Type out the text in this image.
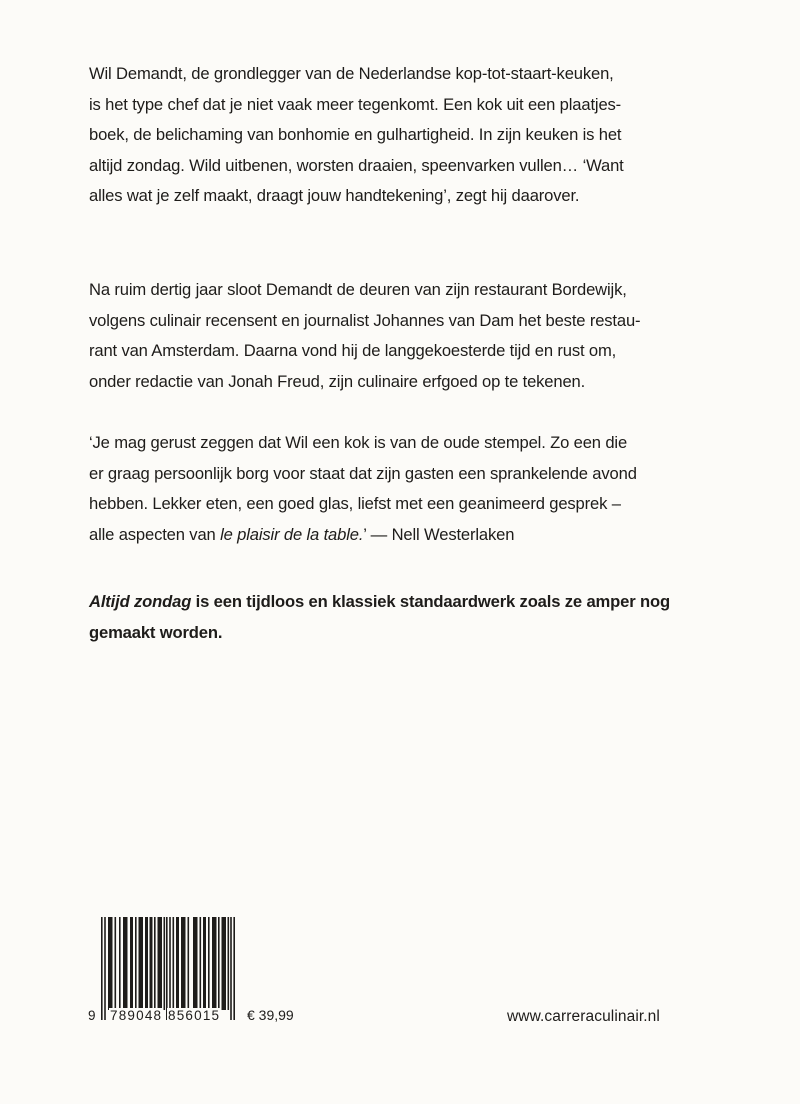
Wil Demandt, de grondlegger van de Nederlandse kop-tot-staart-keuken,
is het type chef dat je niet vaak meer tegenkomt. Een kok uit een plaatjes-
boek, de belichaming van bonhomie en gulhartigheid. In zijn keuken is het
altijd zondag. Wild uitbenen, worsten draaien, speenvarken vullen… ‘Want
alles wat je zelf maakt, draagt jouw handtekening’, zegt hij daarover.

Na ruim dertig jaar sloot Demandt de deuren van zijn restaurant Bordewijk,
volgens culinair recensent en journalist Johannes van Dam het beste restau-
rant van Amsterdam. Daarna vond hij de langgekoesterde tijd en rust om,
onder redactie van Jonah Freud, zijn culinaire erfgoed op te tekenen.

‘Je mag gerust zeggen dat Wil een kok is van de oude stempel. Zo een die
er graag persoonlijk borg voor staat dat zijn gasten een sprankelende avond
hebben. Lekker eten, een goed glas, liefst met een geanimeerd gesprek –
alle aspecten van le plaisir de la table.’ — Nell Westerlaken

Altijd zondag is een tijdloos en klassiek standaardwerk zoals ze amper nog
gemaakt worden.

9 789048 856015 € 39,99	www.carreraculinair.nl
